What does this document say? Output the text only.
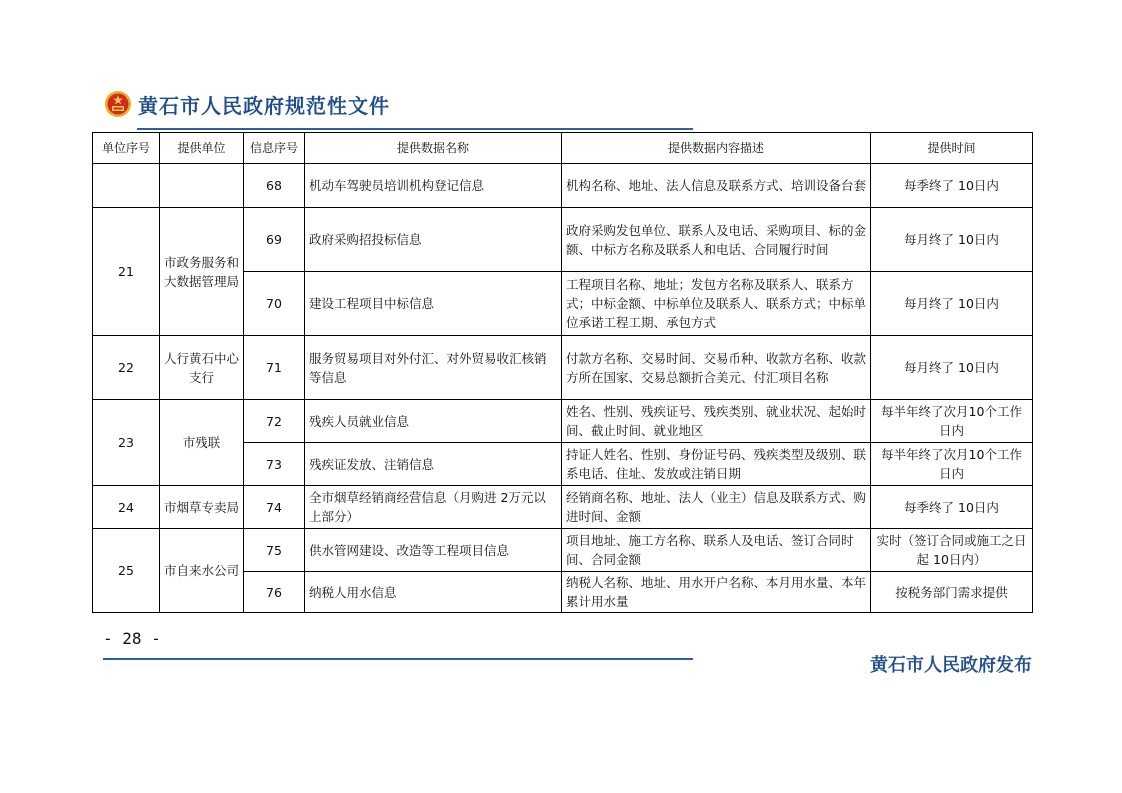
黄石市人民政府规范性文件
单位序号	提供单位	信息序号	提供数据名称	提供数据内容描述	提供时间
		68	机动车驾驶员培训机构登记信息	机构名称、地址、法人信息及联系方式、培训设备台套	每季终了 10日内
21	市政务服务和大数据管理局	69	政府采购招投标信息	政府采购发包单位、联系人及电话、采购项目、标的金额、中标方名称及联系人和电话、合同履行时间	每月终了 10日内
		70	建设工程项目中标信息	工程项目名称、地址；发包方名称及联系人、联系方式；中标金额、中标单位及联系人、联系方式；中标单位承诺工程工期、承包方式	每月终了 10日内
22	人行黄石中心支行	71	服务贸易项目对外付汇、对外贸易收汇核销等信息	付款方名称、交易时间、交易币种、收款方名称、收款方所在国家、交易总额折合美元、付汇项目名称	每月终了 10日内
23	市残联	72	残疾人员就业信息	姓名、性别、残疾证号、残疾类别、就业状况、起始时间、截止时间、就业地区	每半年终了次月10个工作日内
		73	残疾证发放、注销信息	持证人姓名、性别、身份证号码、残疾类型及级别、联系电话、住址、发放或注销日期	每半年终了次月10个工作日内
24	市烟草专卖局	74	全市烟草经销商经营信息（月购进 2万元以上部分）	经销商名称、地址、法人（业主）信息及联系方式、购进时间、金额	每季终了 10日内
25	市自来水公司	75	供水管网建设、改造等工程项目信息	项目地址、施工方名称、联系人及电话、签订合同时间、合同金额	实时（签订合同或施工之日起 10日内）
		76	纳税人用水信息	纳税人名称、地址、用水开户名称、本月用水量、本年累计用水量	按税务部门需求提供
- 28 -
黄石市人民政府发布
